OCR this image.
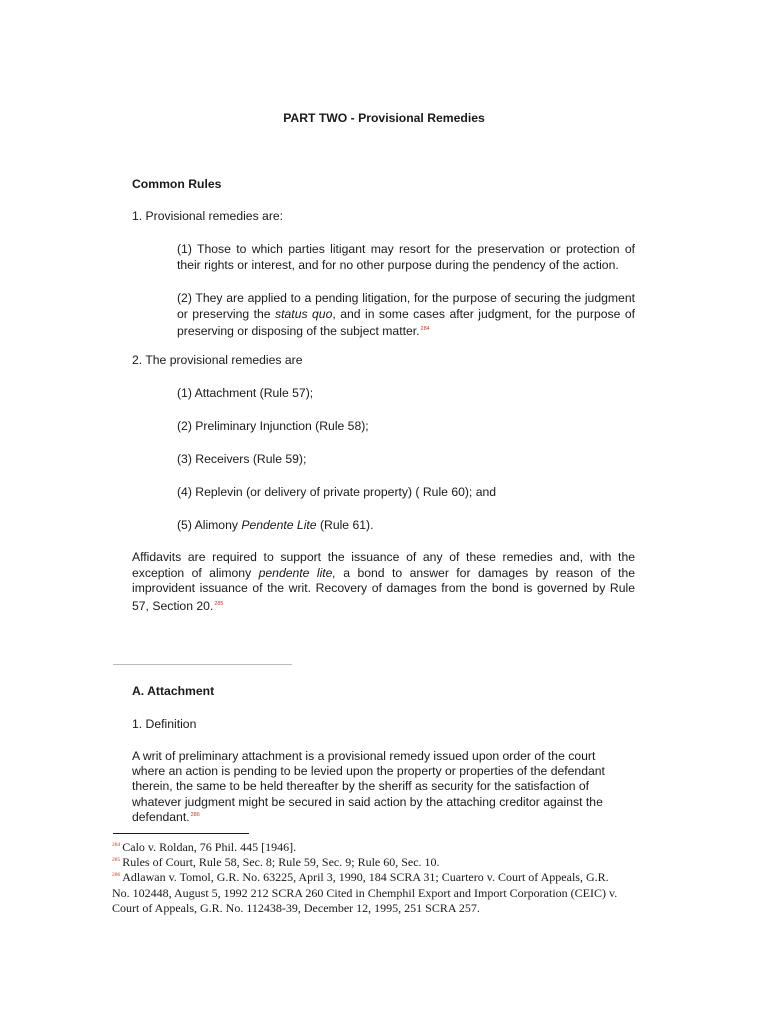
PART TWO - Provisional Remedies
Common Rules
1. Provisional remedies are:
(1) Those to which parties litigant may resort for the preservation or protection of their rights or interest, and for no other purpose during the pendency of the action.
(2) They are applied to a pending litigation, for the purpose of securing the judgment or preserving the status quo, and in some cases after judgment, for the purpose of preserving or disposing of the subject matter.$^{284}$
2. The provisional remedies are
(1) Attachment (Rule 57);
(2) Preliminary Injunction (Rule 58);
(3) Receivers (Rule 59);
(4) Replevin (or delivery of private property) ( Rule 60); and
(5) Alimony Pendente Lite (Rule 61).
Affidavits are required to support the issuance of any of these remedies and, with the exception of alimony pendente lite, a bond to answer for damages by reason of the improvident issuance of the writ. Recovery of damages from the bond is governed by Rule 57, Section 20.$^{285}$
A. Attachment
1. Definition
A writ of preliminary attachment is a provisional remedy issued upon order of the court
where an action is pending to be levied upon the property or properties of the defendant
therein, the same to be held thereafter by the sheriff as security for the satisfaction of
whatever judgment might be secured in said action by the attaching creditor against the
defendant.$^{286}$
$^{284}$ Calo v. Roldan, 76 Phil. 445 [1946].
$^{285}$ Rules of Court, Rule 58, Sec. 8; Rule 59, Sec. 9; Rule 60, Sec. 10.
$^{286}$ Adlawan v. Tomol, G.R. No. 63225, April 3, 1990, 184 SCRA 31; Cuartero v. Court of Appeals, G.R.
No. 102448, August 5, 1992 212 SCRA 260 Cited in Chemphil Export and Import Corporation (CEIC) v.
Court of Appeals, G.R. No. 112438-39, December 12, 1995, 251 SCRA 257.
